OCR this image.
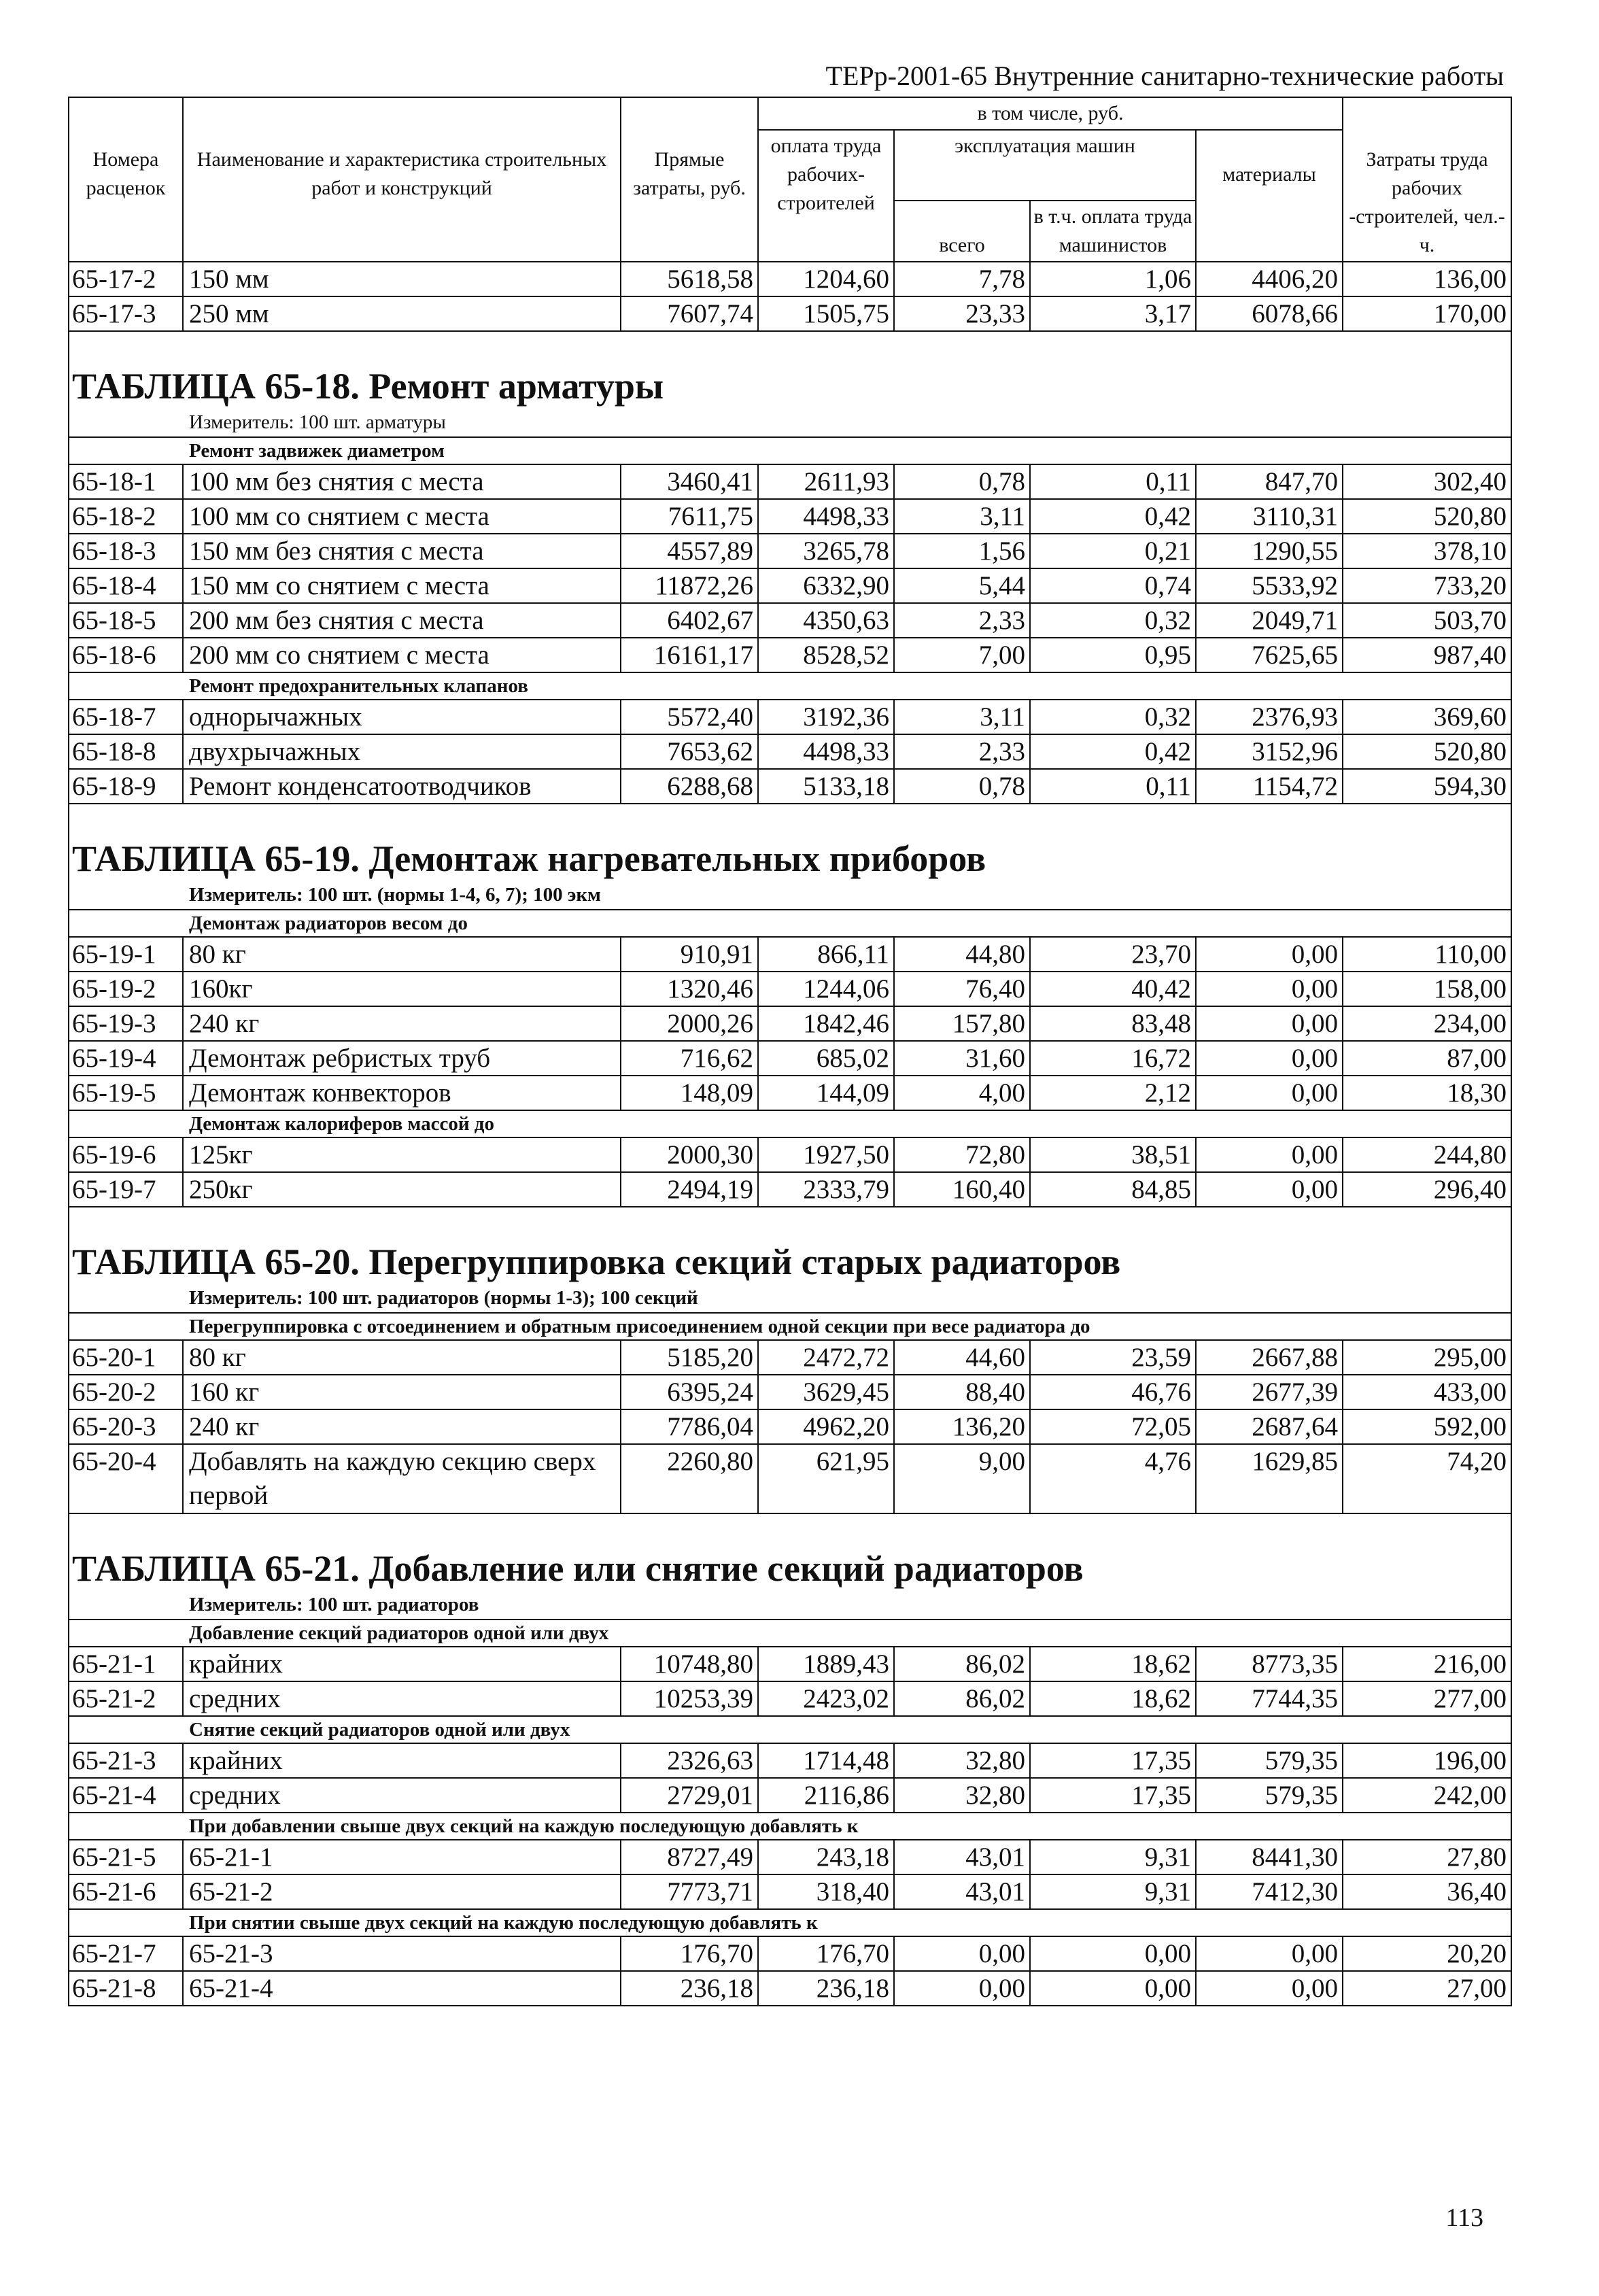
ТЕРр-2001-65 Внутренние санитарно-технические работы
Номера расценок	Наименование и характеристика строительных работ и конструкций	Прямые затраты, руб.	в том числе, руб.				Затраты труда рабочих -строителей, чел.-ч.
			оплата труда рабочих-строителей	эксплуатация машин		материалы	
				всего	в т.ч. оплата труда машинистов		
65-17-2	150 мм	5618,58	1204,60	7,78	1,06	4406,20	136,00
65-17-3	250 мм	7607,74	1505,75	23,33	3,17	6078,66	170,00
ТАБЛИЦА 65-18. Ремонт арматуры							
Измеритель: 100 шт. арматуры							
Ремонт задвижек диаметром							
65-18-1	100 мм без снятия с места	3460,41	2611,93	0,78	0,11	847,70	302,40
65-18-2	100 мм со снятием с места	7611,75	4498,33	3,11	0,42	3110,31	520,80
65-18-3	150 мм без снятия с места	4557,89	3265,78	1,56	0,21	1290,55	378,10
65-18-4	150 мм со снятием с места	11872,26	6332,90	5,44	0,74	5533,92	733,20
65-18-5	200 мм без снятия с места	6402,67	4350,63	2,33	0,32	2049,71	503,70
65-18-6	200 мм со снятием с места	16161,17	8528,52	7,00	0,95	7625,65	987,40
Ремонт предохранительных клапанов							
65-18-7	однорычажных	5572,40	3192,36	3,11	0,32	2376,93	369,60
65-18-8	двухрычажных	7653,62	4498,33	2,33	0,42	3152,96	520,80
65-18-9	Ремонт конденсатоотводчиков	6288,68	5133,18	0,78	0,11	1154,72	594,30
ТАБЛИЦА 65-19. Демонтаж нагревательных приборов							
Измеритель: 100 шт. (нормы 1-4, 6, 7); 100 экм							
Демонтаж радиаторов весом до							
65-19-1	80 кг	910,91	866,11	44,80	23,70	0,00	110,00
65-19-2	160кг	1320,46	1244,06	76,40	40,42	0,00	158,00
65-19-3	240 кг	2000,26	1842,46	157,80	83,48	0,00	234,00
65-19-4	Демонтаж ребристых труб	716,62	685,02	31,60	16,72	0,00	87,00
65-19-5	Демонтаж конвекторов	148,09	144,09	4,00	2,12	0,00	18,30
Демонтаж калориферов массой до							
65-19-6	125кг	2000,30	1927,50	72,80	38,51	0,00	244,80
65-19-7	250кг	2494,19	2333,79	160,40	84,85	0,00	296,40
ТАБЛИЦА 65-20. Перегруппировка секций старых радиаторов							
Измеритель: 100 шт. радиаторов (нормы 1-3); 100 секций							
Перегруппировка с отсоединением и обратным присоединением одной секции при весе радиатора до							
65-20-1	80 кг	5185,20	2472,72	44,60	23,59	2667,88	295,00
65-20-2	160 кг	6395,24	3629,45	88,40	46,76	2677,39	433,00
65-20-3	240 кг	7786,04	4962,20	136,20	72,05	2687,64	592,00
65-20-4	Добавлять на каждую секцию сверх первой	2260,80	621,95	9,00	4,76	1629,85	74,20
ТАБЛИЦА 65-21. Добавление или снятие секций радиаторов							
Измеритель: 100 шт. радиаторов							
Добавление секций радиаторов одной или двух							
65-21-1	крайних	10748,80	1889,43	86,02	18,62	8773,35	216,00
65-21-2	средних	10253,39	2423,02	86,02	18,62	7744,35	277,00
Снятие секций радиаторов одной или двух							
65-21-3	крайних	2326,63	1714,48	32,80	17,35	579,35	196,00
65-21-4	средних	2729,01	2116,86	32,80	17,35	579,35	242,00
При добавлении свыше двух секций на каждую последующую добавлять к							
65-21-5	65-21-1	8727,49	243,18	43,01	9,31	8441,30	27,80
65-21-6	65-21-2	7773,71	318,40	43,01	9,31	7412,30	36,40
При снятии свыше двух секций на каждую последующую добавлять к							
65-21-7	65-21-3	176,70	176,70	0,00	0,00	0,00	20,20
65-21-8	65-21-4	236,18	236,18	0,00	0,00	0,00	27,00
113
